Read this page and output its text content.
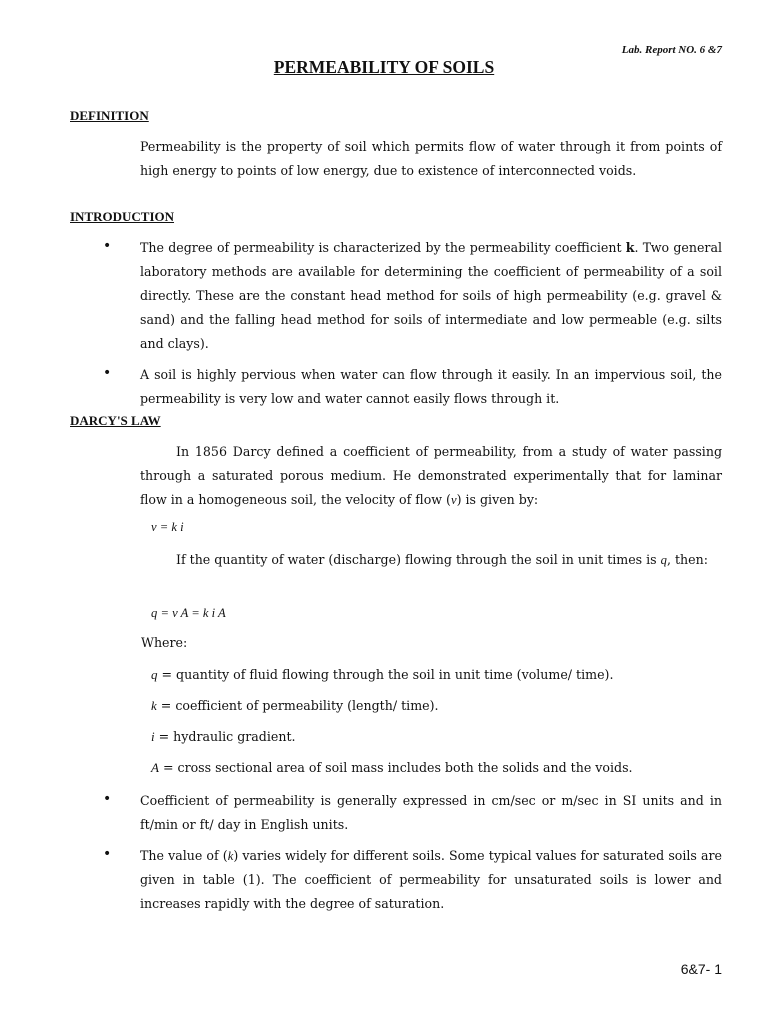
Lab. Report NO. 6 &7
PERMEABILITY OF SOILS
DEFINITION
Permeability is the property of soil which permits flow of water through it from points of high energy to points of low energy, due to existence of interconnected voids.
INTRODUCTION
• The degree of permeability is characterized by the permeability coefficient k. Two general laboratory methods are available for determining the coefficient of permeability of a soil directly. These are the constant head method for soils of high permeability (e.g. gravel & sand) and the falling head method for soils of intermediate and low permeable (e.g. silts and clays).
• A soil is highly pervious when water can flow through it easily. In an impervious soil, the permeability is very low and water cannot easily flows through it.
DARCY'S LAW
In 1856 Darcy defined a coefficient of permeability, from a study of water passing through a saturated porous medium. He demonstrated experimentally that for laminar flow in a homogeneous soil, the velocity of flow (v) is given by:
v = k i
If the quantity of water (discharge) flowing through the soil in unit times is q, then:
q = v A = k i A
Where:
q = quantity of fluid flowing through the soil in unit time (volume/ time).
k = coefficient of permeability (length/ time).
i = hydraulic gradient.
A = cross sectional area of soil mass includes both the solids and the voids.
• Coefficient of permeability is generally expressed in cm/sec or m/sec in SI units and in ft/min or ft/ day in English units.
• The value of (k) varies widely for different soils. Some typical values for saturated soils are given in table (1). The coefficient of permeability for unsaturated soils is lower and increases rapidly with the degree of saturation.
6&7- 1
